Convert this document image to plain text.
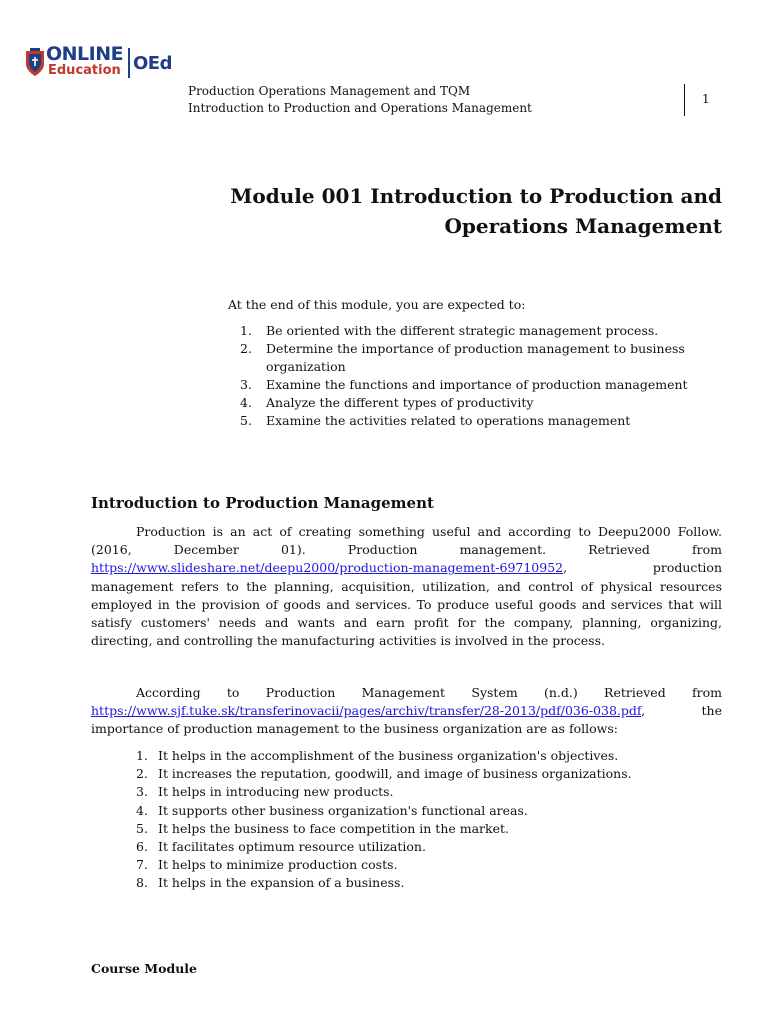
ONLINE
Education OEd
Production Operations Management and TQM
Introduction to Production and Operations Management
1
Module 001 Introduction to Production and Operations Management
At the end of this module, you are expected to:
1. Be oriented with the different strategic management process.
2. Determine the importance of production management to business organization
3. Examine the functions and importance of production management
4. Analyze the different types of productivity
5. Examine the activities related to operations management
Introduction to Production Management

Production is an act of creating something useful and according to Deepu2000 Follow. (2016, December 01). Production management. Retrieved from https://www.slideshare.net/deepu2000/production-management-69710952, production management refers to the planning, acquisition, utilization, and control of physical resources employed in the provision of goods and services. To produce useful goods and services that will satisfy customers' needs and wants and earn profit for the company, planning, organizing, directing, and controlling the manufacturing activities is involved in the process.

According to Production Management System (n.d.) Retrieved from https://www.sjf.tuke.sk/transferinovacii/pages/archiv/transfer/28-2013/pdf/036-038.pdf, the importance of production management to the business organization are as follows:

1. It helps in the accomplishment of the business organization's objectives.
2. It increases the reputation, goodwill, and image of business organizations.
3. It helps in introducing new products.
4. It supports other business organization's functional areas.
5. It helps the business to face competition in the market.
6. It facilitates optimum resource utilization.
7. It helps to minimize production costs.
8. It helps in the expansion of a business.
Course Module
